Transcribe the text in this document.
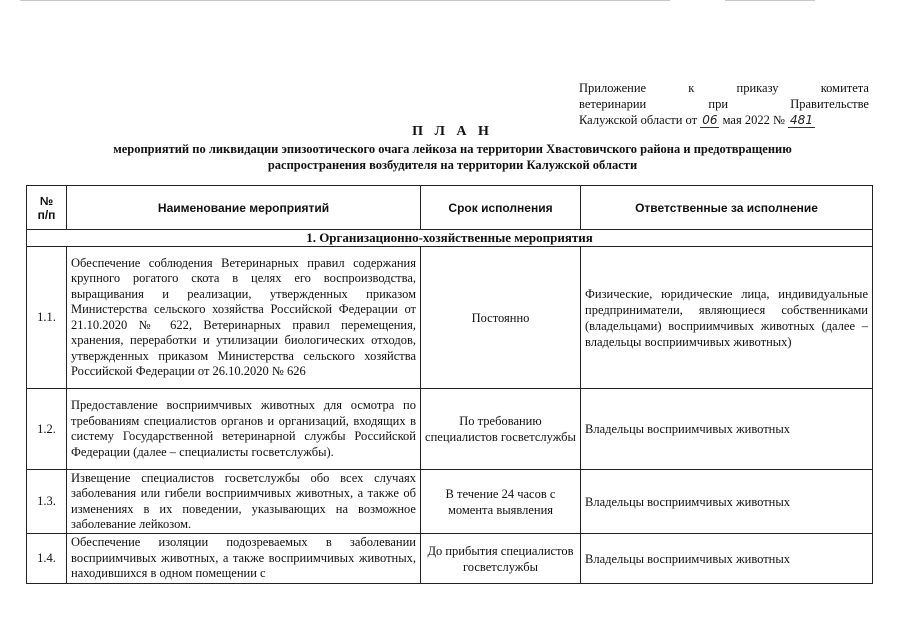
Приложение	к	приказу	комитета
ветеринарии	при	Правительстве
Калужской области от 06 мая 2022 № 481
П Л А Н
мероприятий по ликвидации эпизоотического очага лейкоза на территории Хвастовичского района и предотвращению
распространения возбудителя на территории Калужской области
№
п/п	Наименование мероприятий	Срок исполнения	Ответственные за исполнение
1. Организационно-хозяйственные мероприятия			
1.1.	Обеспечение соблюдения Ветеринарных правил содержания крупного рогатого скота в целях его воспроизводства, выращивания и реализации, утвержденных приказом Министерства сельского хозяйства Российской Федерации от 21.10.2020 № 622, Ветеринарных правил перемещения, хранения, переработки и утилизации биологических отходов, утвержденных приказом Министерства сельского хозяйства Российской Федерации от 26.10.2020 № 626	Постоянно	Физические, юридические лица, индивидуальные предприниматели, являющиеся собственниками (владельцами) восприимчивых животных (далее – владельцы восприимчивых животных)
1.2.	Предоставление восприимчивых животных для осмотра по требованиям специалистов органов и организаций, входящих в систему Государственной ветеринарной службы Российской Федерации (далее – специалисты госветслужбы).	По требованию специалистов госветслужбы	Владельцы восприимчивых животных
1.3.	Извещение специалистов госветслужбы обо всех случаях заболевания или гибели восприимчивых животных, а также об изменениях в их поведении, указывающих на возможное заболевание лейкозом.	В течение 24 часов с момента выявления	Владельцы восприимчивых животных
1.4.	Обеспечение изоляции подозреваемых в заболевании восприимчивых животных, а также восприимчивых животных, находившихся в одном помещении с	До прибытия специалистов госветслужбы	Владельцы восприимчивых животных
